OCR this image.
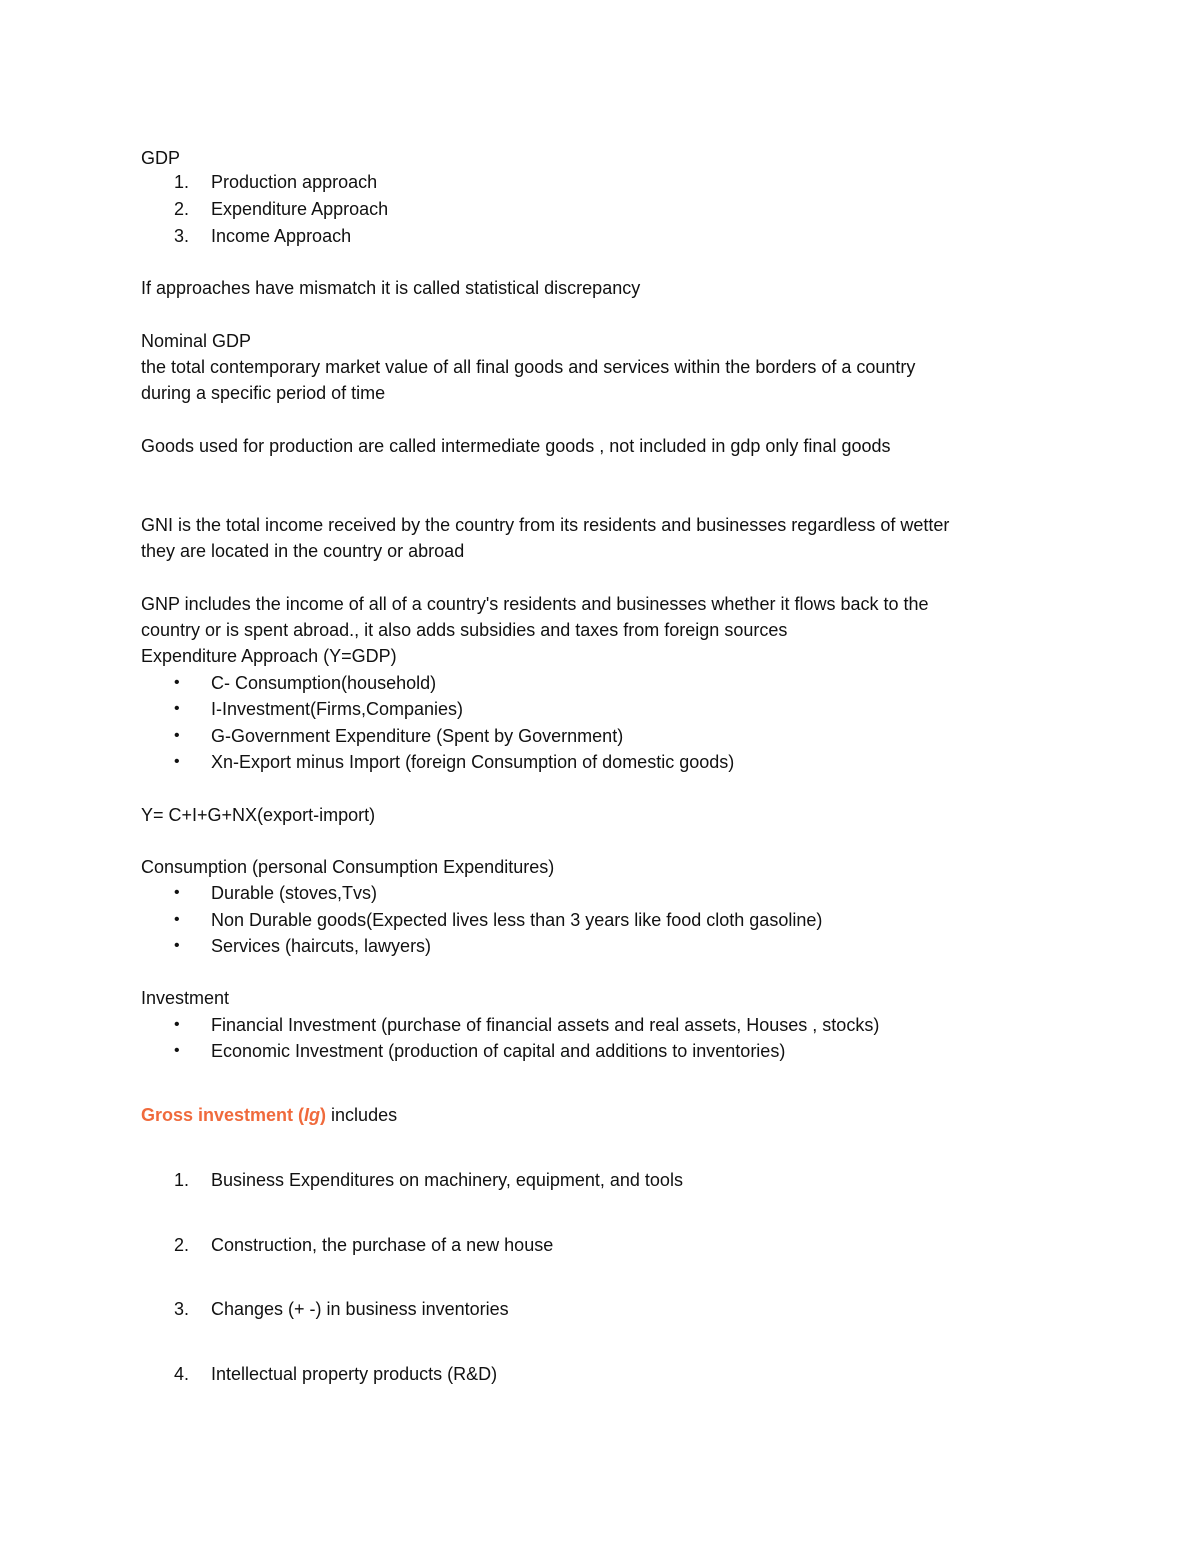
GDP
1. Production approach
2. Expenditure Approach
3. Income Approach
If approaches have mismatch it is called statistical discrepancy
Nominal GDP
the total contemporary market value of all final goods and services within the borders of a country
during a specific period of time
Goods used for production are called intermediate goods , not included in gdp only final goods
GNI is the total income received by the country from its residents and businesses regardless of wetter
they are located in the country or abroad
GNP includes the income of all of a country's residents and businesses whether it flows back to the
country or is spent abroad., it also adds subsidies and taxes from foreign sources
Expenditure Approach (Y=GDP)
• C- Consumption(household)
• I-Investment(Firms,Companies)
• G-Government Expenditure (Spent by Government)
• Xn-Export minus Import (foreign Consumption of domestic goods)
Y= C+I+G+NX(export-import)
Consumption (personal Consumption Expenditures)
• Durable (stoves,Tvs)
• Non Durable goods(Expected lives less than 3 years like food cloth gasoline)
• Services (haircuts, lawyers)
Investment
• Financial Investment (purchase of financial assets and real assets, Houses , stocks)
• Economic Investment (production of capital and additions to inventories)
Gross investment (Ig) includes
1. Business Expenditures on machinery, equipment, and tools
2. Construction, the purchase of a new house
3. Changes (+ -) in business inventories
4. Intellectual property products (R&D)
